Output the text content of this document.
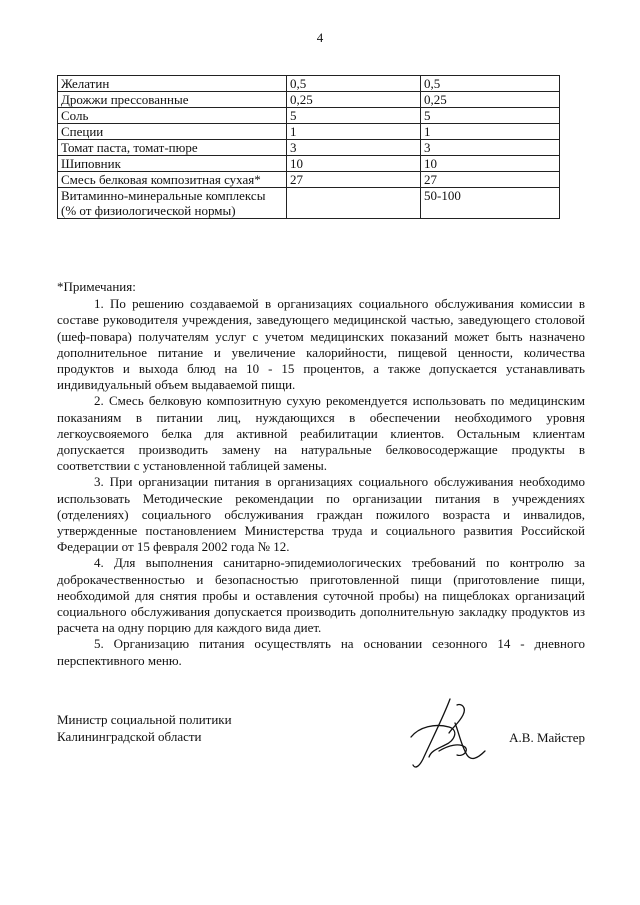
4
Желатин	0,5	0,5
Дрожжи прессованные	0,25	0,25
Соль	5	5
Специи	1	1
Томат паста, томат-пюре	3	3
Шиповник	10	10
Смесь белковая композитная сухая*	27	27
Витаминно-минеральные комплексы (% от физиологической нормы)		50-100

*Примечания:

1. По решению создаваемой в организациях социального обслуживания комиссии в составе руководителя учреждения, заведующего медицинской частью, заведующего столовой (шеф-повара) получателям услуг с учетом медицинских показаний может быть назначено дополнительное питание и увеличение калорийности, пищевой ценности, количества продуктов и выхода блюд на 10 - 15 процентов, а также допускается устанавливать индивидуальный объем выдаваемой пищи.

2. Смесь белковую композитную сухую рекомендуется использовать по медицинским показаниям в питании лиц, нуждающихся в обеспечении необходимого уровня легкоусвояемого белка для активной реабилитации клиентов. Остальным клиентам допускается производить замену на натуральные белковосодержащие продукты в соответствии с установленной таблицей замены.

3. При организации питания в организациях социального обслуживания необходимо использовать Методические рекомендации по организации питания в учреждениях (отделениях) социального обслуживания граждан пожилого возраста и инвалидов, утвержденные постановлением Министерства труда и социального развития Российской Федерации от 15 февраля 2002 года № 12.

4. Для выполнения санитарно-эпидемиологических требований по контролю за доброкачественностью и безопасностью приготовленной пищи (приготовление пищи, необходимой для снятия пробы и оставления суточной пробы) на пищеблоках организаций социального обслуживания допускается производить дополнительную закладку продуктов из расчета на одну порцию для каждого вида диет.

5. Организацию питания осуществлять на основании сезонного 14 - дневного перспективного меню.

Министр социальной политики
Калининградской области	А.В. Майстер
